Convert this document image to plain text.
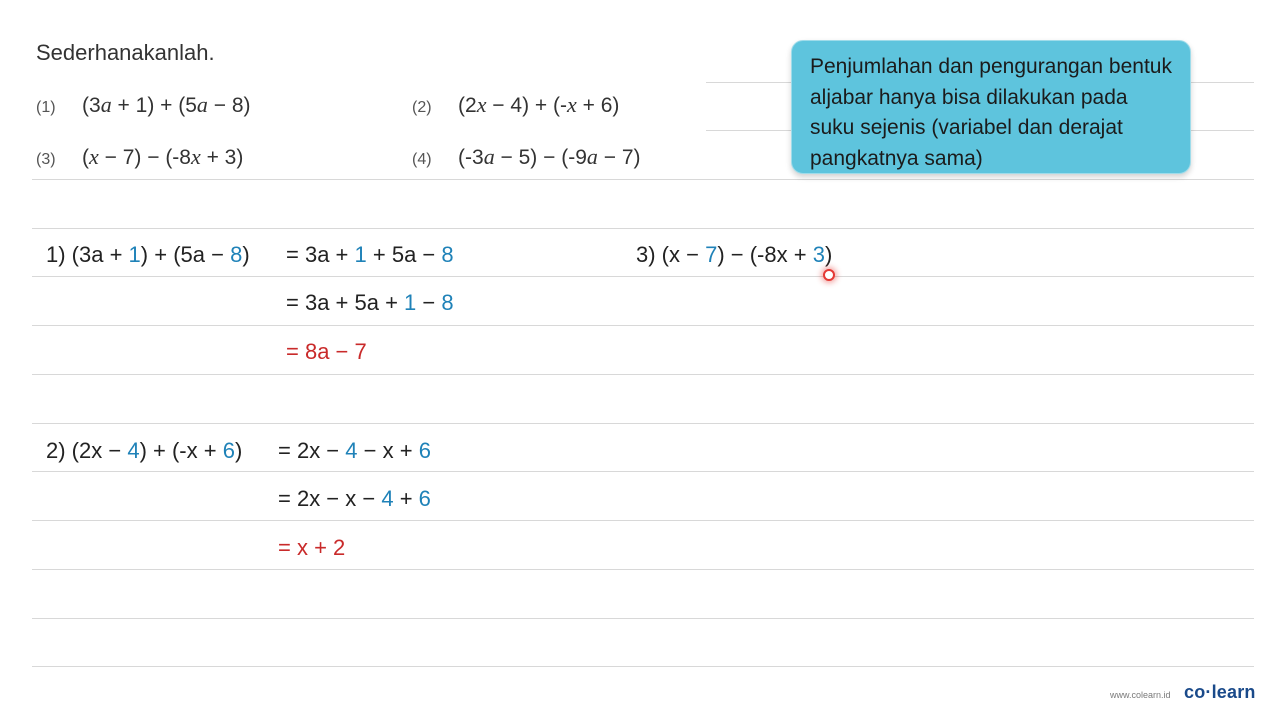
Sederhanakanlah.
(1) (3a + 1) + (5a − 8)	(2) (2x − 4) + (-x + 6)
(3) (x − 7) − (-8x + 3)	(4) (-3a − 5) − (-9a − 7)
Penjumlahan dan pengurangan bentuk aljabar hanya bisa dilakukan pada suku sejenis (variabel dan derajat pangkatnya sama)
1) (3a + 1) + (5a − 8) = 3a + 1 + 5a − 8
= 3a + 5a + 1 − 8
= 8a − 7
3) (x − 7) − (-8x + 3)
2) (2x − 4) + (-x + 6) = 2x − 4 − x + 6
= 2x − x − 4 + 6
= x + 2
www.colearn.id co·learn
